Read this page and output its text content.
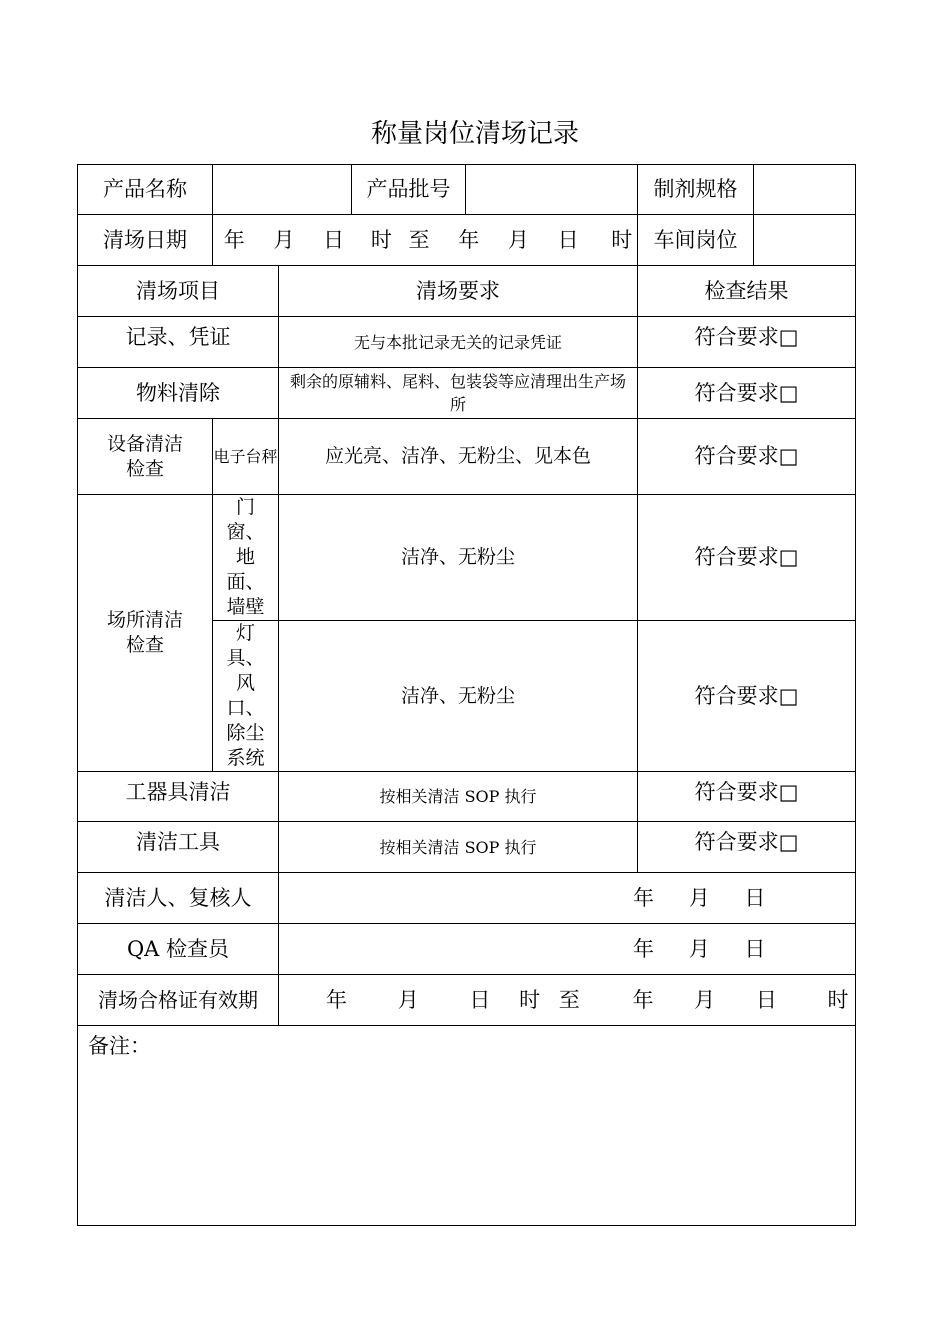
称量岗位清场记录
产品名称			产品批号		制剂规格	
清场日期	年 月 日 时 至 年 月 日 时				车间岗位	
清场项目		清场要求			检查结果	
记录、凭证		无与本批记录无关的记录凭证			符合要求□	
物料清除		剩余的原辅料、尾料、包装袋等应清理出生产场所			符合要求□	
设备清洁检查	电子台秤	应光亮、洁净、无粉尘、见本色			符合要求□	
场所清洁检查	门窗、地面、墙壁	洁净、无粉尘			符合要求□	
	灯具、风口、除尘系统	洁净、无粉尘			符合要求□	
工器具清洁		按相关清洁 SOP 执行			符合要求□	
清洁工具		按相关清洁 SOP 执行			符合要求□	
清洁人、复核人		年 月 日				
QA 检查员		年 月 日				
清场合格证有效期		年 月 日 时 至 年 月 日 时				
备注：						
